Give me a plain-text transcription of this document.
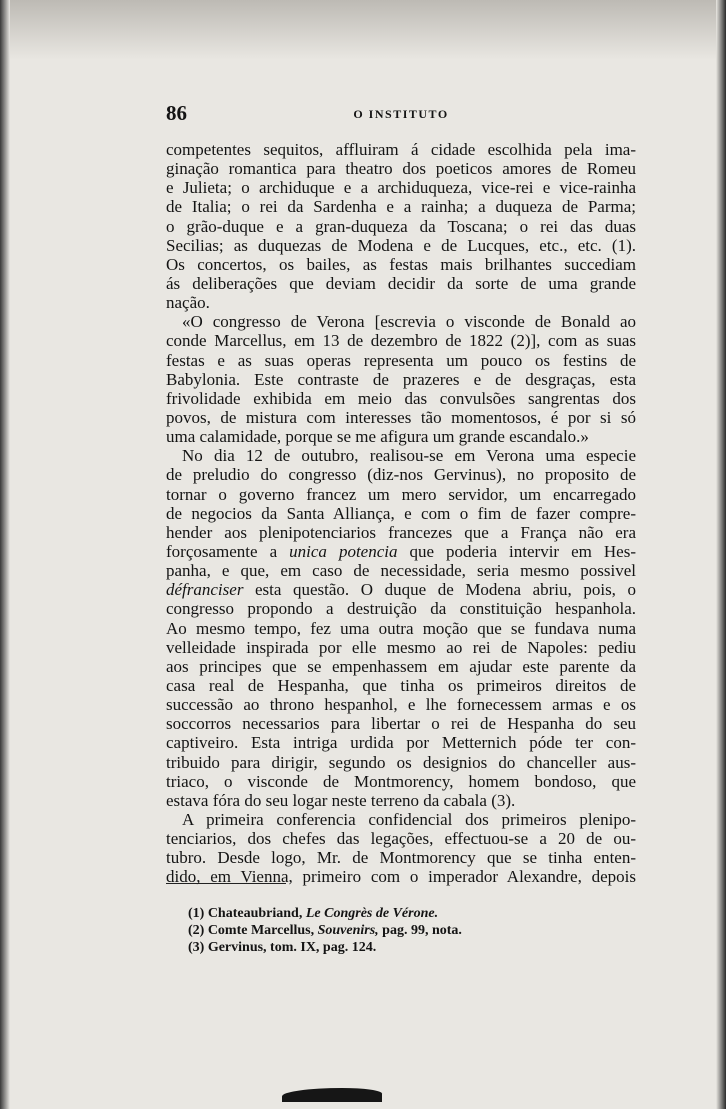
86	O INSTITUTO
competentes sequitos, affluiram á cidade escolhida pela ima-
ginação romantica para theatro dos poeticos amores de Romeu
e Julieta; o archiduque e a archiduqueza, vice-rei e vice-rainha
de Italia; o rei da Sardenha e a rainha; a duqueza de Parma;
o grão-duque e a gran-duqueza da Toscana; o rei das duas
Secilias; as duquezas de Modena e de Lucques, etc., etc. (1).
Os concertos, os bailes, as festas mais brilhantes succediam
ás deliberações que deviam decidir da sorte de uma grande
nação.
«O congresso de Verona [escrevia o visconde de Bonald ao
conde Marcellus, em 13 de dezembro de 1822 (2)], com as suas
festas e as suas operas representa um pouco os festins de
Babylonia. Este contraste de prazeres e de desgraças, esta
frivolidade exhibida em meio das convulsões sangrentas dos
povos, de mistura com interesses tão momentosos, é por si só
uma calamidade, porque se me afigura um grande escandalo.»
No dia 12 de outubro, realisou-se em Verona uma especie
de preludio do congresso (diz-nos Gervinus), no proposito de
tornar o governo francez um mero servidor, um encarregado
de negocios da Santa Alliança, e com o fim de fazer compre-
hender aos plenipotenciarios francezes que a França não era
forçosamente a unica potencia que poderia intervir em Hes-
panha, e que, em caso de necessidade, seria mesmo possivel
défranciser esta questão. O duque de Modena abriu, pois, o
congresso propondo a destruição da constituição hespanhola.
Ao mesmo tempo, fez uma outra moção que se fundava numa
velleidade inspirada por elle mesmo ao rei de Napoles: pediu
aos principes que se empenhassem em ajudar este parente da
casa real de Hespanha, que tinha os primeiros direitos de
successão ao throno hespanhol, e lhe fornecessem armas e os
soccorros necessarios para libertar o rei de Hespanha do seu
captiveiro. Esta intriga urdida por Metternich póde ter con-
tribuido para dirigir, segundo os designios do chanceller aus-
triaco, o visconde de Montmorency, homem bondoso, que
estava fóra do seu logar neste terreno da cabala (3).
A primeira conferencia confidencial dos primeiros plenipo-
tenciarios, dos chefes das legações, effectuou-se a 20 de ou-
tubro. Desde logo, Mr. de Montmorency que se tinha enten-
dido, em Vienna, primeiro com o imperador Alexandre, depois
(1) Chateaubriand, Le Congrès de Vérone.
(2) Comte Marcellus, Souvenirs, pag. 99, nota.
(3) Gervinus, tom. IX, pag. 124.
